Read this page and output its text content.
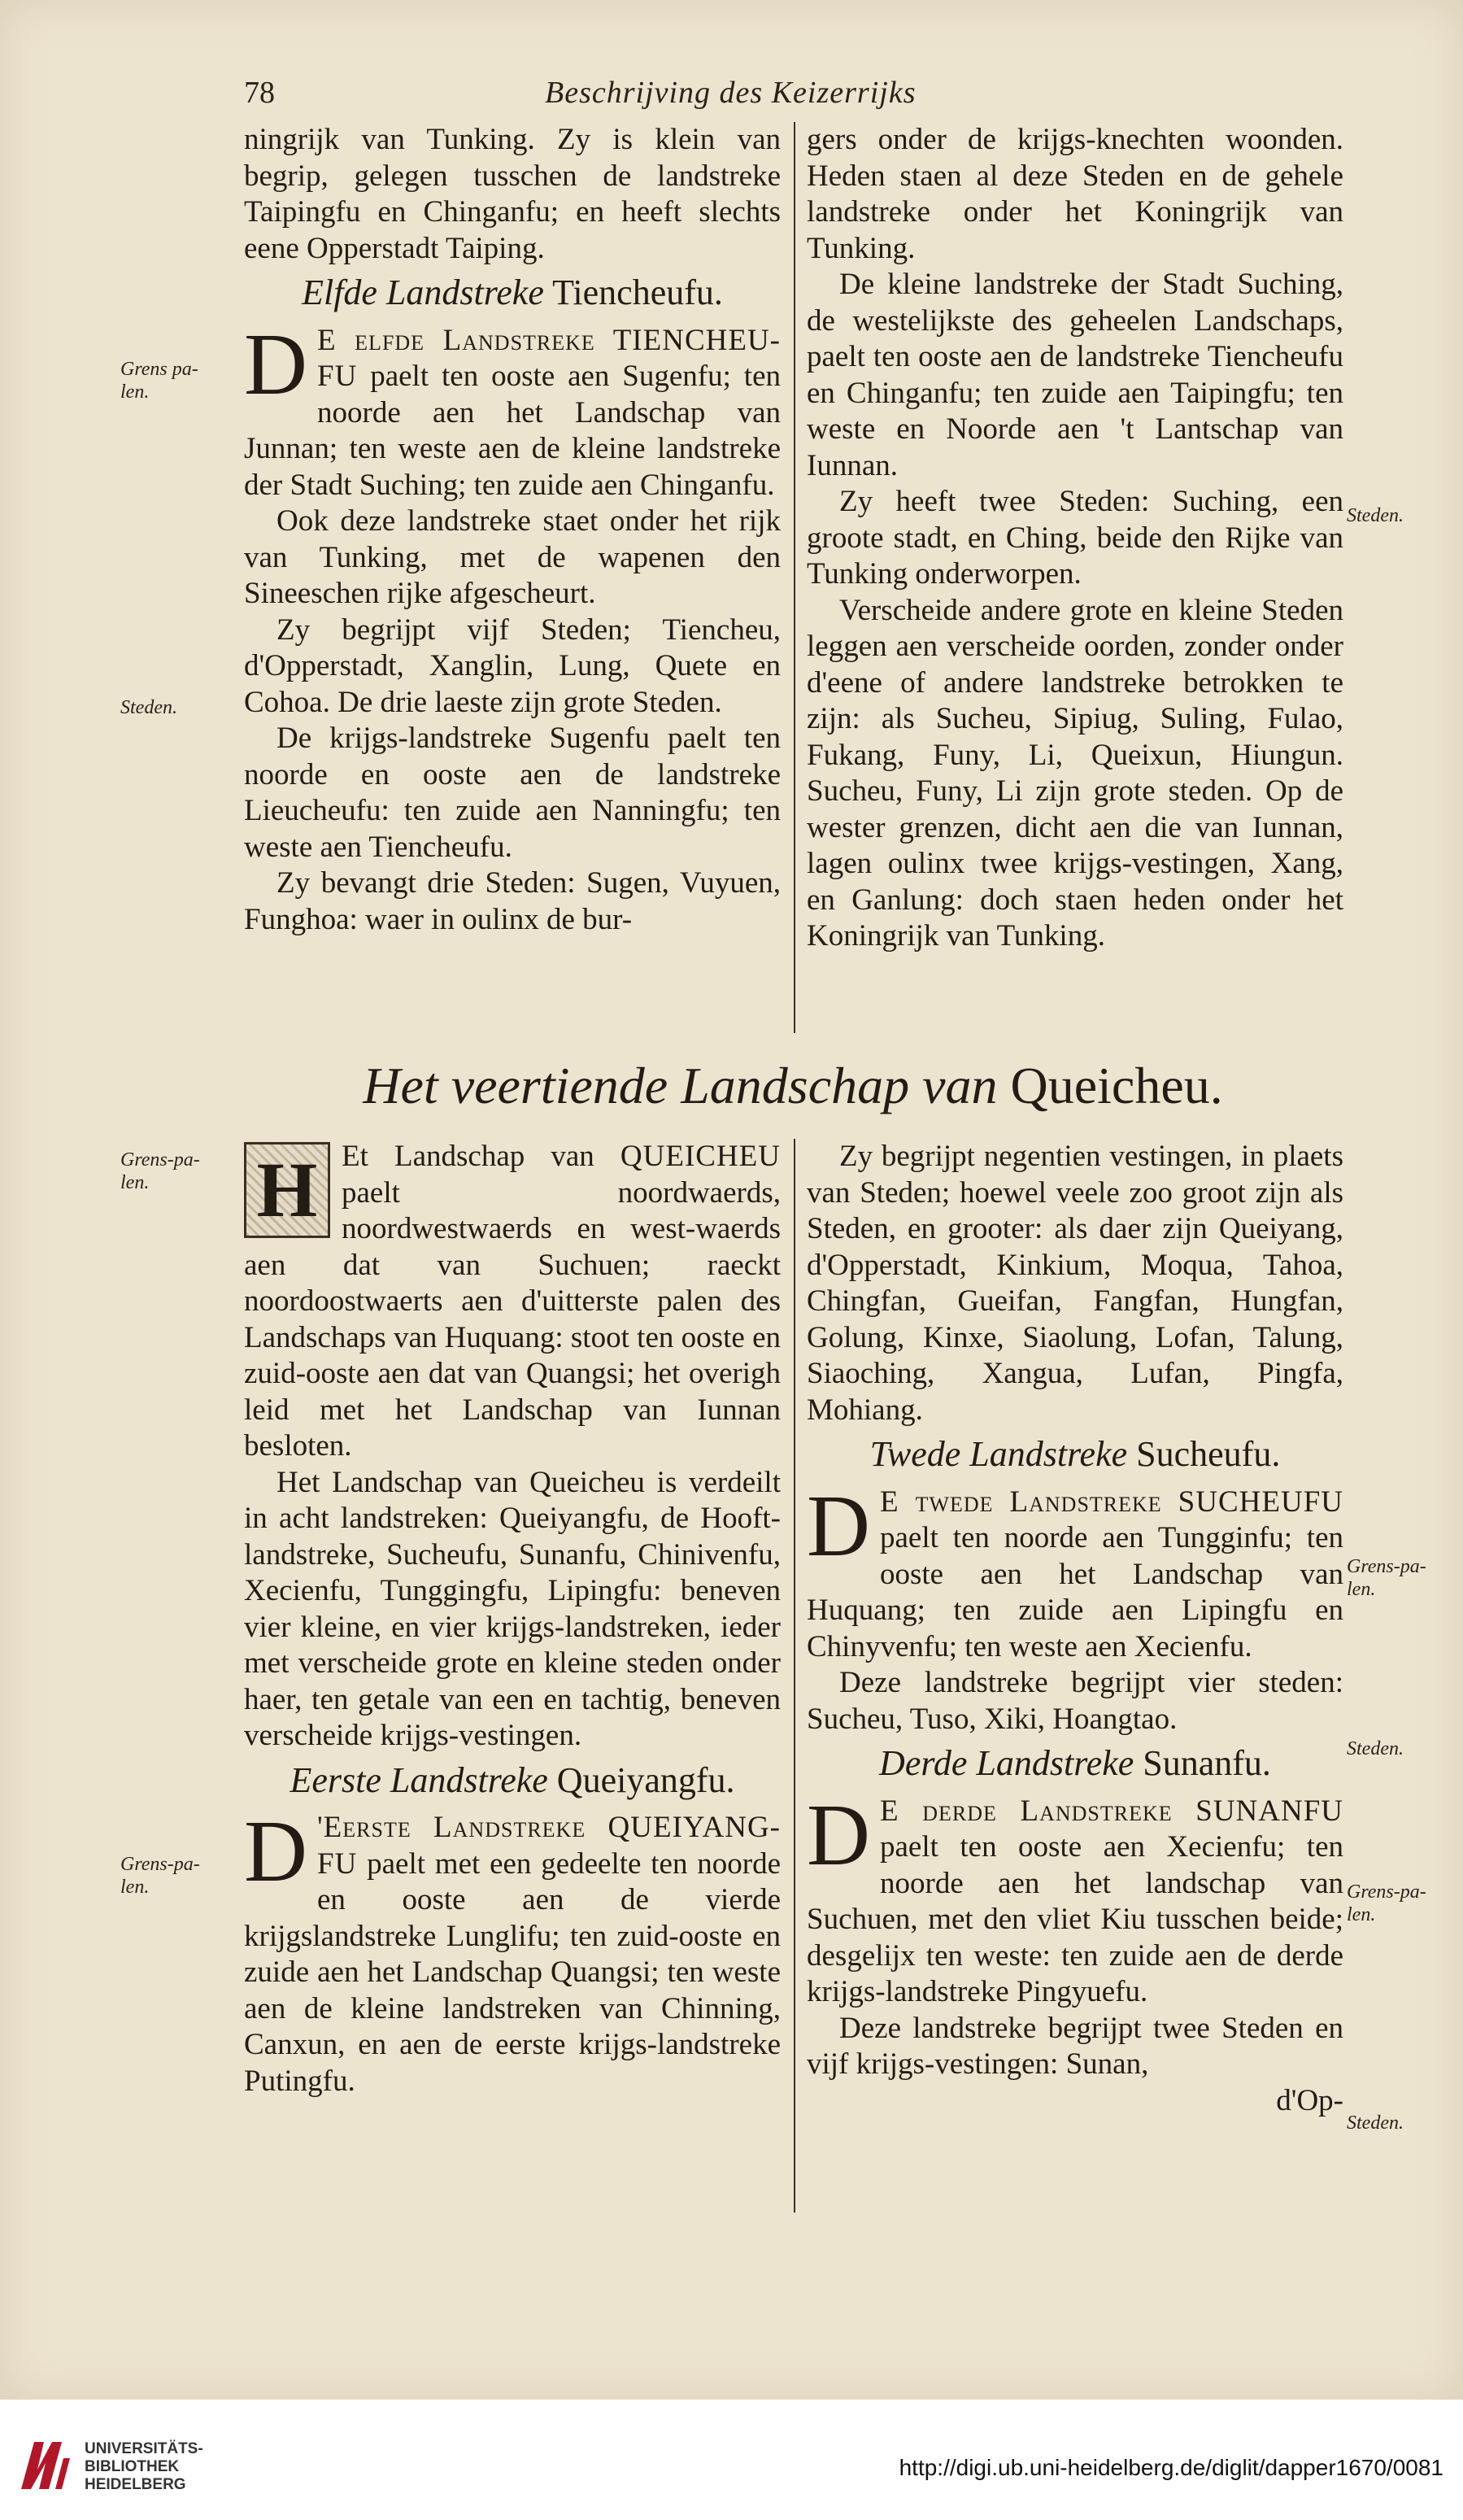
78	Beschrijving des Keizerrijks

ningrijk van Tunking. Zy is klein van begrip, gelegen tusschen de landstreke Taipingfu en Chinganfu; en heeft slechts eene Opperstadt Taiping.

Elfde Landstreke Tiencheufu.

D E elfde Landstreke TIENCHEU-FU paelt ten ooste aen Sugenfu; ten noorde aen het Landschap van Junnan; ten weste aen de kleine landstreke der Stadt Suching; ten zuide aen Chinganfu.

Ook deze landstreke staet onder het rijk van Tunking, met de wapenen den Sineeschen rijke afgescheurt.

Zy begrijpt vijf Steden; Tiencheu, d'Opperstadt, Xanglin, Lung, Quete en Cohoa. De drie laeste zijn grote Steden.

De krijgs-landstreke Sugenfu paelt ten noorde en ooste aen de landstreke Lieucheufu: ten zuide aen Nanningfu; ten weste aen Tiencheufu.

Zy bevangt drie Steden: Sugen, Vuyuen, Funghoa: waer in oulinx de bur-

gers onder de krijgs-knechten woonden. Heden staen al deze Steden en de gehele landstreke onder het Koningrijk van Tunking.

De kleine landstreke der Stadt Suching, de westelijkste des geheelen Landschaps, paelt ten ooste aen de landstreke Tiencheufu en Chinganfu; ten zuide aen Taipingfu; ten weste en Noorde aen 't Lantschap van Iunnan.

Zy heeft twee Steden: Suching, een groote stadt, en Ching, beide den Rijke van Tunking onderworpen.

Verscheide andere grote en kleine Steden leggen aen verscheide oorden, zonder onder d'eene of andere landstreke betrokken te zijn: als Sucheu, Sipiug, Suling, Fulao, Fukang, Funy, Li, Queixun, Hiungun. Sucheu, Funy, Li zijn grote steden. Op de wester grenzen, dicht aen die van Iunnan, lagen oulinx twee krijgs-vestingen, Xang, en Ganlung: doch staen heden onder het Koningrijk van Tunking.

Het veertiende Landschap van Queicheu.

H Et Landschap van QUEICHEU paelt noordwaerds, noordwestwaerds en west-waerds aen dat van Suchuen; raeckt noordoostwaerts aen d'uitterste palen des Landschaps van Huquang: stoot ten ooste en zuid-ooste aen dat van Quangsi; het overigh leid met het Landschap van Iunnan besloten.

Het Landschap van Queicheu is verdeilt in acht landstreken: Queiyangfu, de Hooft-landstreke, Sucheufu, Sunanfu, Chinivenfu, Xecienfu, Tunggingfu, Lipingfu: beneven vier kleine, en vier krijgs-landstreken, ieder met verscheide grote en kleine steden onder haer, ten getale van een en tachtig, beneven verscheide krijgs-vestingen.

Eerste Landstreke Queiyangfu.

D 'Eerste Landstreke QUEIYANG-FU paelt met een gedeelte ten noorde en ooste aen de vierde krijgslandstreke Lunglifu; ten zuid-ooste en zuide aen het Landschap Quangsi; ten weste aen de kleine landstreken van Chinning, Canxun, en aen de eerste krijgs-landstreke Putingfu.

Zy begrijpt negentien vestingen, in plaets van Steden; hoewel veele zoo groot zijn als Steden, en grooter: als daer zijn Queiyang, d'Opperstadt, Kinkium, Moqua, Tahoa, Chingfan, Gueifan, Fangfan, Hungfan, Golung, Kinxe, Siaolung, Lofan, Talung, Siaoching, Xangua, Lufan, Pingfa, Mohiang.

Twede Landstreke Sucheufu.

D E twede Landstreke SUCHEUFU paelt ten noorde aen Tungginfu; ten ooste aen het Landschap van Huquang; ten zuide aen Lipingfu en Chinyvenfu; ten weste aen Xecienfu.

Deze landstreke begrijpt vier steden: Sucheu, Tuso, Xiki, Hoangtao.

Derde Landstreke Sunanfu.

D E derde Landstreke SUNANFU paelt ten ooste aen Xecienfu; ten noorde aen het landschap van Suchuen, met den vliet Kiu tusschen beide; desgelijx ten weste: ten zuide aen de derde krijgs-landstreke Pingyuefu.

Deze landstreke begrijpt twee Steden en vijf krijgs-vestingen: Sunan,

d'Op-

Grens pa-len.
Steden.
Steden.
Grens-pa-len.
Grens-pa-len.
Grens-pa-len.
Steden.
Grens-pa-len.
Steden.
UNIVERSITÄTS-
BIBLIOTHEK
HEIDELBERG
http://digi.ub.uni-heidelberg.de/diglit/dapper1670/0081
